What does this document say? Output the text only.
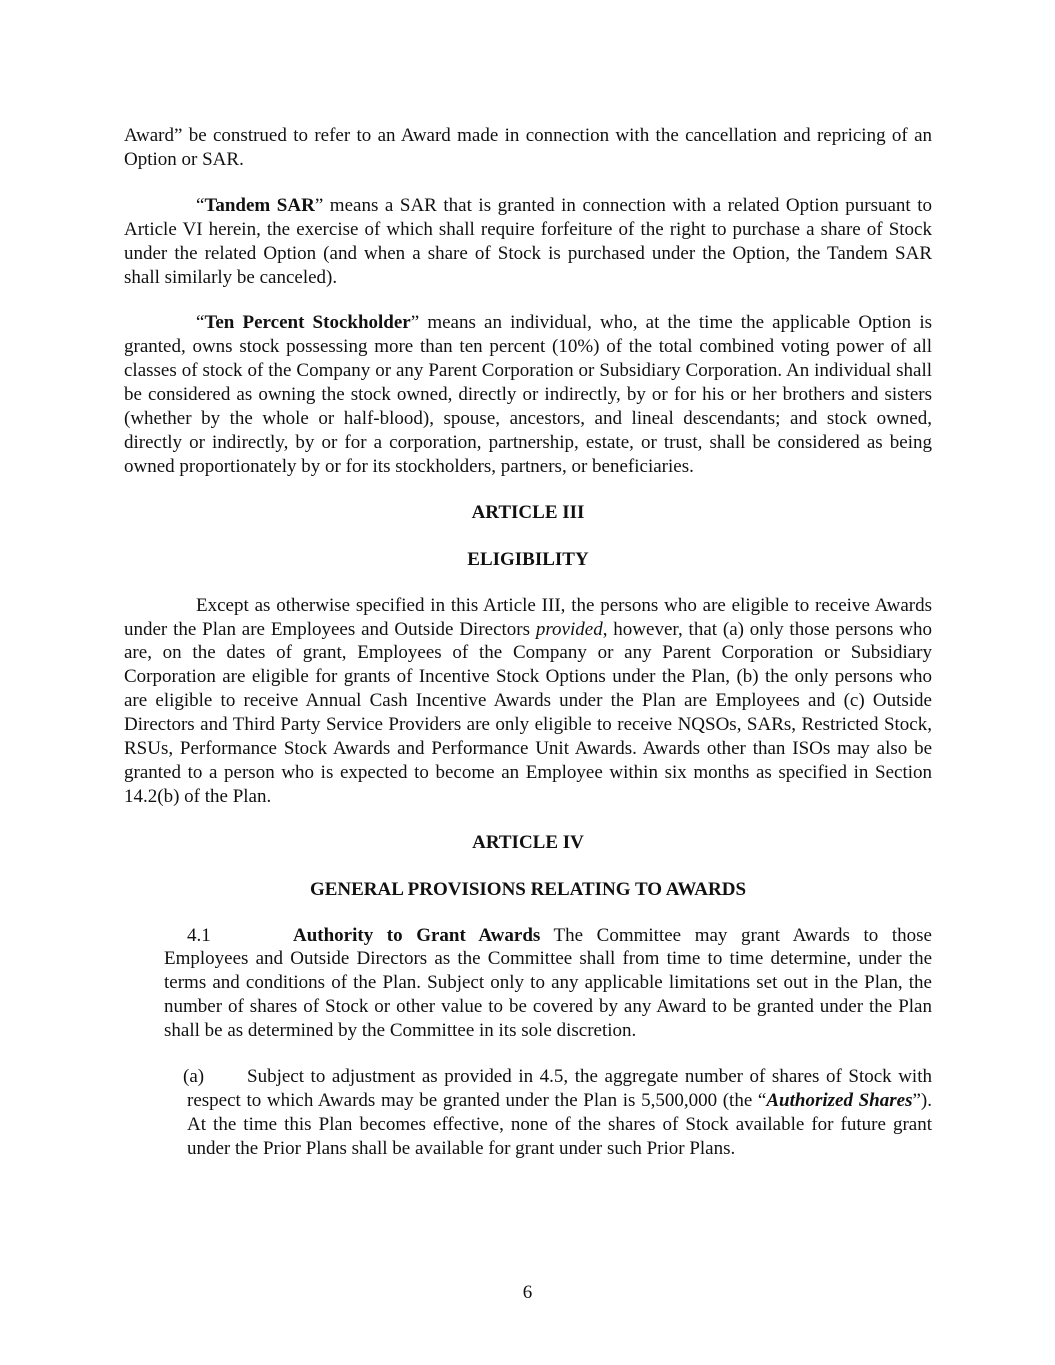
Award” be construed to refer to an Award made in connection with the cancellation and repricing of an Option or SAR.

“Tandem SAR” means a SAR that is granted in connection with a related Option pursuant to Article VI herein, the exercise of which shall require forfeiture of the right to purchase a share of Stock under the related Option (and when a share of Stock is purchased under the Option, the Tandem SAR shall similarly be canceled).

“Ten Percent Stockholder” means an individual, who, at the time the applicable Option is granted, owns stock possessing more than ten percent (10%) of the total combined voting power of all classes of stock of the Company or any Parent Corporation or Subsidiary Corporation. An individual shall be considered as owning the stock owned, directly or indirectly, by or for his or her brothers and sisters (whether by the whole or half-blood), spouse, ancestors, and lineal descendants; and stock owned, directly or indirectly, by or for a corporation, partnership, estate, or trust, shall be considered as being owned proportionately by or for its stockholders, partners, or beneficiaries.

ARTICLE III

ELIGIBILITY

Except as otherwise specified in this Article III, the persons who are eligible to receive Awards under the Plan are Employees and Outside Directors provided, however, that (a) only those persons who are, on the dates of grant, Employees of the Company or any Parent Corporation or Subsidiary Corporation are eligible for grants of Incentive Stock Options under the Plan, (b) the only persons who are eligible to receive Annual Cash Incentive Awards under the Plan are Employees and (c) Outside Directors and Third Party Service Providers are only eligible to receive NQSOs, SARs, Restricted Stock, RSUs, Performance Stock Awards and Performance Unit Awards. Awards other than ISOs may also be granted to a person who is expected to become an Employee within six months as specified in Section 14.2(b) of the Plan.

ARTICLE IV

GENERAL PROVISIONS RELATING TO AWARDS

4.1	Authority to Grant Awards The Committee may grant Awards to those Employees and Outside Directors as the Committee shall from time to time determine, under the terms and conditions of the Plan. Subject only to any applicable limitations set out in the Plan, the number of shares of Stock or other value to be covered by any Award to be granted under the Plan shall be as determined by the Committee in its sole discretion.

(a) Subject to adjustment as provided in 4.5, the aggregate number of shares of Stock with respect to which Awards may be granted under the Plan is 5,500,000 (the “Authorized Shares”). At the time this Plan becomes effective, none of the shares of Stock available for future grant under the Prior Plans shall be available for grant under such Prior Plans.

6
